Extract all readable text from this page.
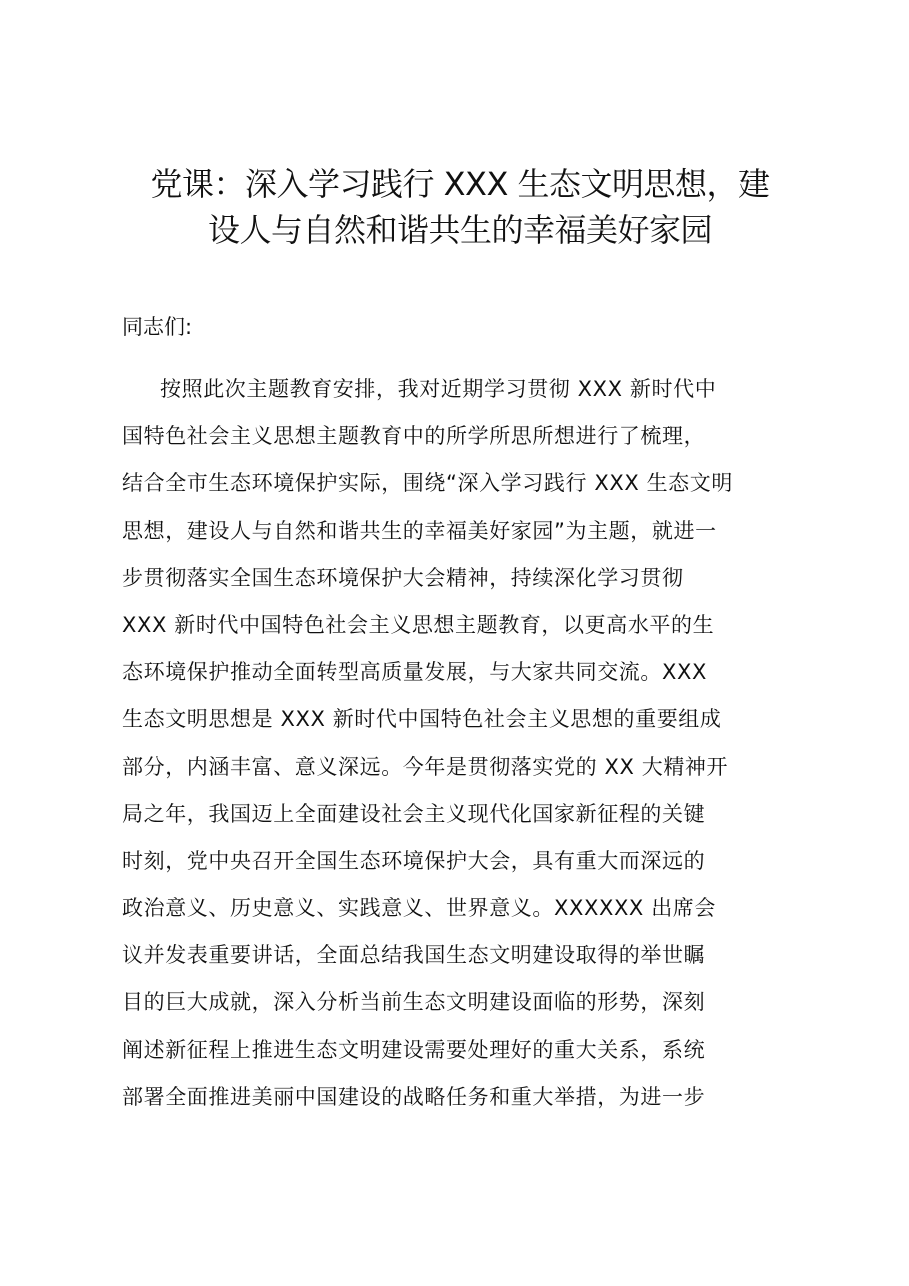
党课：深入学习践行 XXX 生态文明思想，建
设人与自然和谐共生的幸福美好家园
同志们:
按照此次主题教育安排，我对近期学习贯彻 XXX 新时代中
国特色社会主义思想主题教育中的所学所思所想进行了梳理，
结合全市生态环境保护实际，围绕“深入学习践行 XXX 生态文明
思想，建设人与自然和谐共生的幸福美好家园”为主题，就进一
步贯彻落实全国生态环境保护大会精神，持续深化学习贯彻
XXX 新时代中国特色社会主义思想主题教育，以更高水平的生
态环境保护推动全面转型高质量发展，与大家共同交流。XXX
生态文明思想是 XXX 新时代中国特色社会主义思想的重要组成
部分，内涵丰富、意义深远。今年是贯彻落实党的 XX 大精神开
局之年，我国迈上全面建设社会主义现代化国家新征程的关键
时刻，党中央召开全国生态环境保护大会，具有重大而深远的
政治意义、历史意义、实践意义、世界意义。XXXXXX 出席会
议并发表重要讲话，全面总结我国生态文明建设取得的举世瞩
目的巨大成就，深入分析当前生态文明建设面临的形势，深刻
阐述新征程上推进生态文明建设需要处理好的重大关系，系统
部署全面推进美丽中国建设的战略任务和重大举措，为进一步
